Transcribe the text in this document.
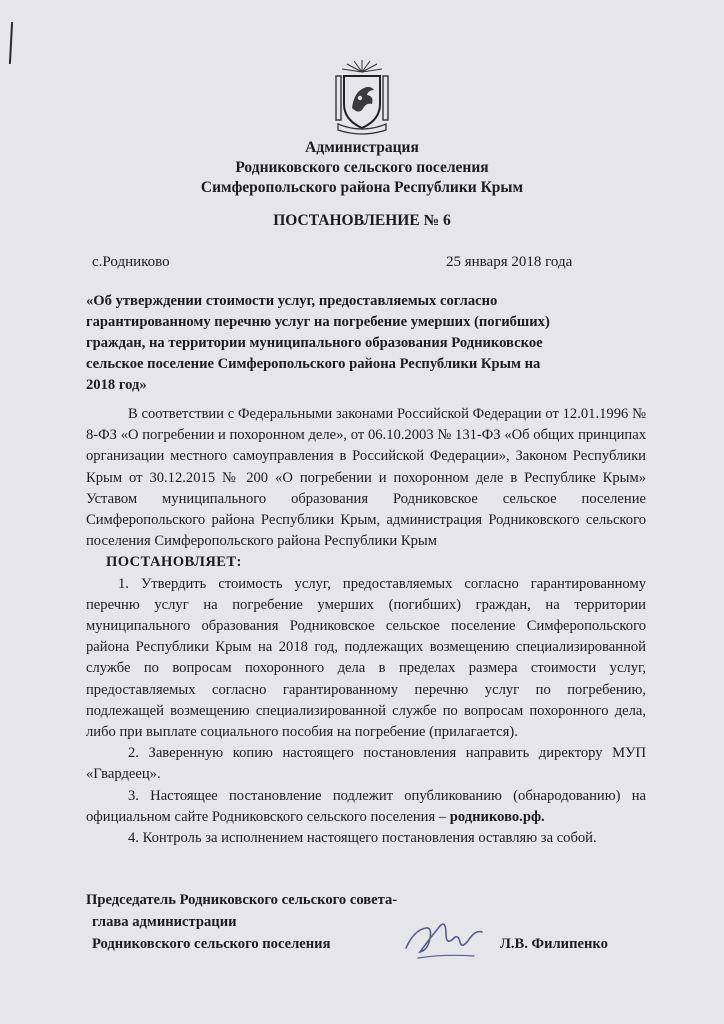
Администрация
Родниковского сельского поселения
Симферопольского района Республики Крым
ПОСТАНОВЛЕНИЕ № 6
с.Родниково	25 января 2018 года
«Об утверждении стоимости услуг, предоставляемых согласно
гарантированному перечню услуг на погребение умерших (погибших)
граждан, на территории муниципального образования Родниковское
сельское поселение Симферопольского района Республики Крым на
2018 год»

В соответствии с Федеральными законами Российской Федерации от 12.01.1996 № 8-ФЗ «О погребении и похоронном деле», от 06.10.2003 № 131-ФЗ «Об общих принципах организации местного самоуправления в Российской Федерации», Законом Республики Крым от 30.12.2015 № 200 «О погребении и похоронном деле в Республике Крым» Уставом муниципального образования Родниковское сельское поселение Симферопольского района Республики Крым, администрация Родниковского сельского поселения Симферопольского района Республики Крым

ПОСТАНОВЛЯЕТ:

1. Утвердить стоимость услуг, предоставляемых согласно гарантированному перечню услуг на погребение умерших (погибших) граждан, на территории муниципального образования Родниковское сельское поселение Симферопольского района Республики Крым на 2018 год, подлежащих возмещению специализированной службе по вопросам похоронного дела в пределах размера стоимости услуг, предоставляемых согласно гарантированному перечню услуг по погребению, подлежащей возмещению специализированной службе по вопросам похоронного дела, либо при выплате социального пособия на погребение (прилагается).

2. Заверенную копию настоящего постановления направить директору МУП «Гвардеец».

3. Настоящее постановление подлежит опубликованию (обнародованию) на официальном сайте Родниковского сельского поселения – родниково.рф.

4. Контроль за исполнением настоящего постановления оставляю за собой.

Председатель Родниковского сельского совета-
глава администрации
Родниковского сельского поселения	Л.В. Филипенко
